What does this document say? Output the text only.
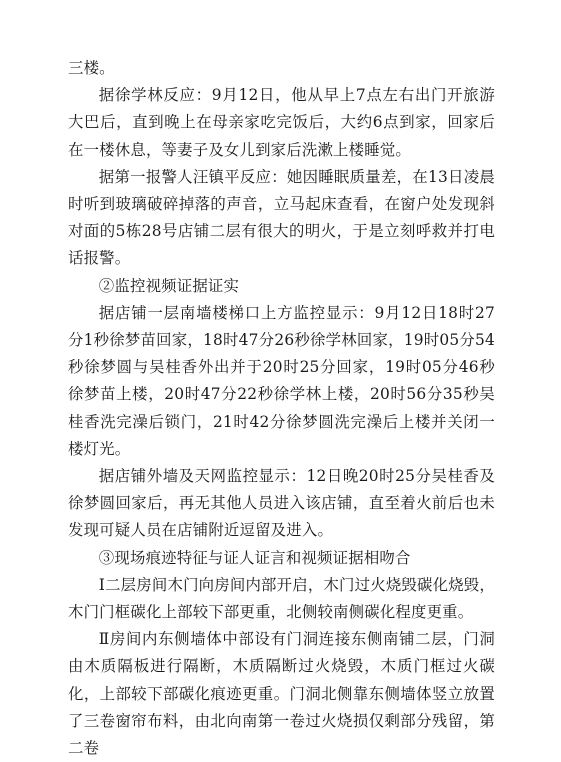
三楼。

据徐学林反应：9月12日，他从早上7点左右出门开旅游大巴后，直到晚上在母亲家吃完饭后，大约6点到家，回家后在一楼休息，等妻子及女儿到家后洗漱上楼睡觉。

据第一报警人汪镇平反应：她因睡眠质量差，在13日凌晨时听到玻璃破碎掉落的声音，立马起床查看，在窗户处发现斜对面的5栋28号店铺二层有很大的明火，于是立刻呼救并打电话报警。

②监控视频证据证实

据店铺一层南墙楼梯口上方监控显示：9月12日18时27分1秒徐梦苗回家，18时47分26秒徐学林回家，19时05分54秒徐梦圆与吴桂香外出并于20时25分回家，19时05分46秒徐梦苗上楼，20时47分22秒徐学林上楼，20时56分35秒吴桂香洗完澡后锁门，21时42分徐梦圆洗完澡后上楼并关闭一楼灯光。

据店铺外墙及天网监控显示：12日晚20时25分吴桂香及徐梦圆回家后，再无其他人员进入该店铺，直至着火前后也未发现可疑人员在店铺附近逗留及进入。

③现场痕迹特征与证人证言和视频证据相吻合

Ⅰ二层房间木门向房间内部开启，木门过火烧毁碳化烧毁，木门门框碳化上部较下部更重，北侧较南侧碳化程度更重。

Ⅱ房间内东侧墙体中部设有门洞连接东侧南铺二层，门洞由木质隔板进行隔断，木质隔断过火烧毁，木质门框过火碳化，上部较下部碳化痕迹更重。门洞北侧靠东侧墙体竖立放置了三卷窗帘布料，由北向南第一卷过火烧损仅剩部分残留，第二卷
